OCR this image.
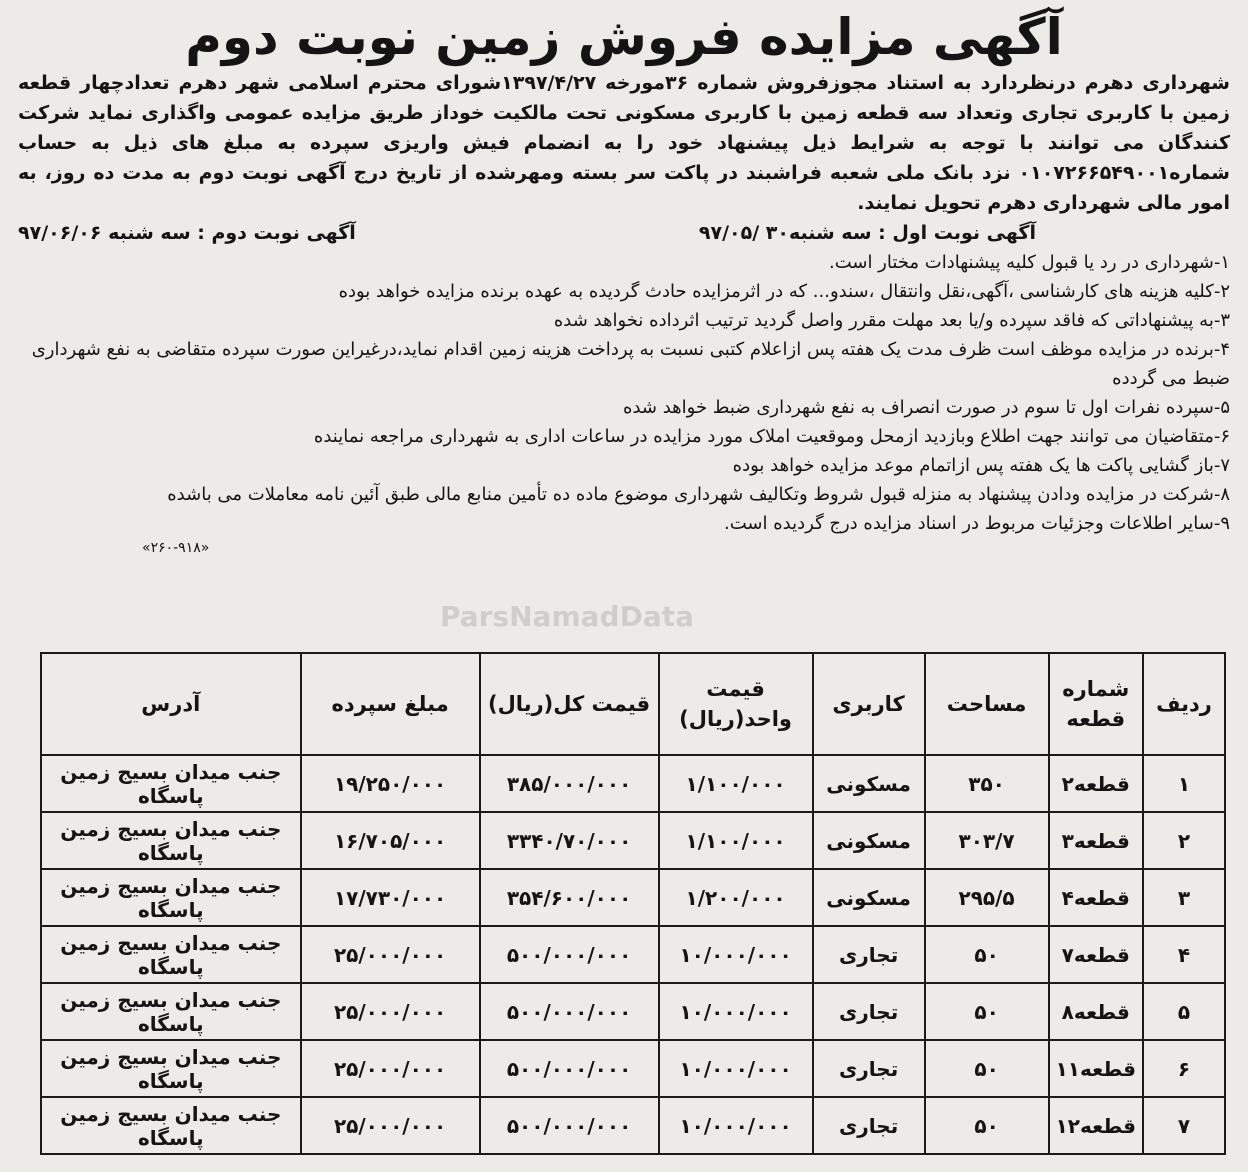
آگهی مزایده فروش زمین نوبت دوم

شهرداری دهرم درنظردارد به استناد مجوزفروش شماره ۳۶مورخه ۱۳۹۷/۴/۲۷شورای محترم اسلامی شهر دهرم تعدادچهار قطعه زمین با کاربری تجاری وتعداد سه قطعه زمین با کاربری مسکونی تحت مالکیت خوداز طریق مزایده عمومی واگذاری نماید شرکت کنندگان می توانند با توجه به شرایط ذیل پیشنهاد خود را به انضمام فیش واریزی سپرده به مبلغ های ذیل به حساب شماره۰۱۰۷۲۶۶۵۴۹۰۰۱ نزد بانک ملی شعبه فراشبند در پاکت سر بسته ومهرشده از تاریخ درج آگهی نوبت دوم به مدت ده روز، به امور مالی شهرداری دهرم تحویل نمایند.

آگهی نوبت اول : سه شنبه۳۰ /۹۷/۰۵
آگهی نوبت دوم : سه شنبه ۹۷/۰۶/۰۶
۱-شهرداری در رد یا قبول کلیه پیشنهادات مختار است.
۲-کلیه هزینه های کارشناسی ،آگهی،نقل وانتقال ،سندو... که در اثرمزایده حادث گردیده به عهده برنده مزایده خواهد بوده
۳-به پیشنهاداتی که فاقد سپرده و/یا بعد مهلت مقرر واصل گردید ترتیب اثرداده نخواهد شده
۴-برنده در مزایده موظف است ظرف مدت یک هفته پس ازاعلام کتبی نسبت به پرداخت هزینه زمین اقدام نماید،درغیراین صورت سپرده متقاضی به نفع شهرداری ضبط می گردده
۵-سپرده نفرات اول تا سوم در صورت انصراف به نفع شهرداری ضبط خواهد شده
۶-متقاضیان می توانند جهت اطلاع وبازدید ازمحل وموقعیت املاک مورد مزایده در ساعات اداری به شهرداری مراجعه نماینده
۷-باز گشایی پاکت ها یک هفته پس ازاتمام موعد مزایده خواهد بوده
۸-شرکت در مزایده ودادن پیشنهاد به منزله قبول شروط وتکالیف شهرداری موضوع ماده ده تأمین منابع مالی طبق آئین نامه معاملات می باشده
۹-سایر اطلاعات وجزئیات مربوط در اسناد مزایده درج گردیده است.
«۲۶۰-۹۱۸»
ParsNamadData
ردیف	شماره قطعه	مساحت	کاربری	قیمت واحد(ریال)	قیمت کل(ریال)	مبلغ سپرده	آدرس
۱	قطعه۲	۳۵۰	مسکونی	۱/۱۰۰/۰۰۰	۳۸۵/۰۰۰/۰۰۰	۱۹/۲۵۰/۰۰۰	جنب میدان بسیج زمین پاسگاه
۲	قطعه۳	۳۰۳/۷	مسکونی	۱/۱۰۰/۰۰۰	۳۳۴۰/۷۰/۰۰۰	۱۶/۷۰۵/۰۰۰	جنب میدان بسیج زمین پاسگاه
۳	قطعه۴	۲۹۵/۵	مسکونی	۱/۲۰۰/۰۰۰	۳۵۴/۶۰۰/۰۰۰	۱۷/۷۳۰/۰۰۰	جنب میدان بسیج زمین پاسگاه
۴	قطعه۷	۵۰	تجاری	۱۰/۰۰۰/۰۰۰	۵۰۰/۰۰۰/۰۰۰	۲۵/۰۰۰/۰۰۰	جنب میدان بسیج زمین پاسگاه
۵	قطعه۸	۵۰	تجاری	۱۰/۰۰۰/۰۰۰	۵۰۰/۰۰۰/۰۰۰	۲۵/۰۰۰/۰۰۰	جنب میدان بسیج زمین پاسگاه
۶	قطعه۱۱	۵۰	تجاری	۱۰/۰۰۰/۰۰۰	۵۰۰/۰۰۰/۰۰۰	۲۵/۰۰۰/۰۰۰	جنب میدان بسیج زمین پاسگاه
۷	قطعه۱۲	۵۰	تجاری	۱۰/۰۰۰/۰۰۰	۵۰۰/۰۰۰/۰۰۰	۲۵/۰۰۰/۰۰۰	جنب میدان بسیج زمین پاسگاه
